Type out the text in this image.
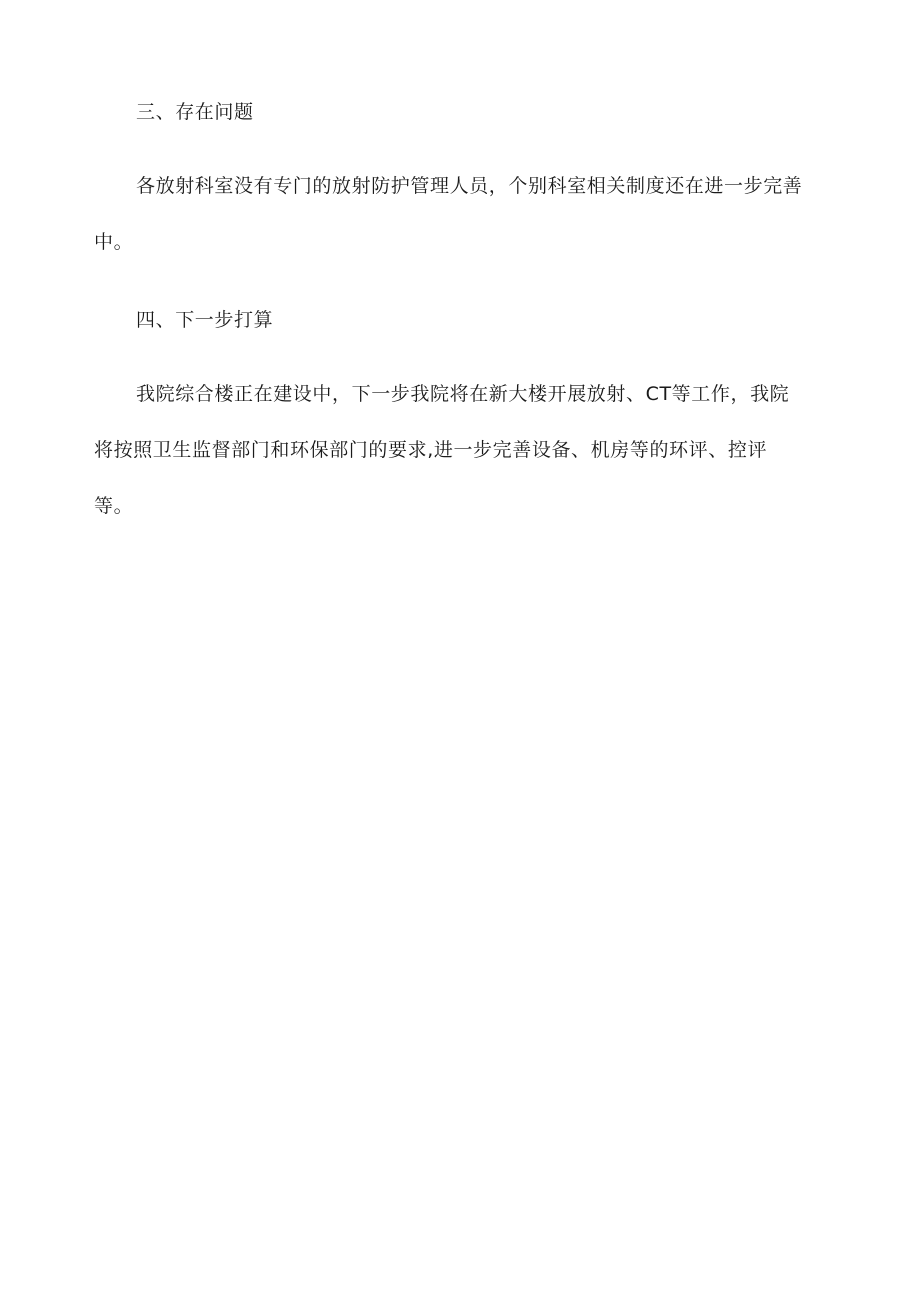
三、存在问题
各放射科室没有专门的放射防护管理人员，个别科室相关制度还在进一步完善
中。
四、下一步打算
我院综合楼正在建设中，下一步我院将在新大楼开展放射、CT等工作，我院
将按照卫生监督部门和环保部门的要求,进一步完善设备、机房等的环评、控评
等。
